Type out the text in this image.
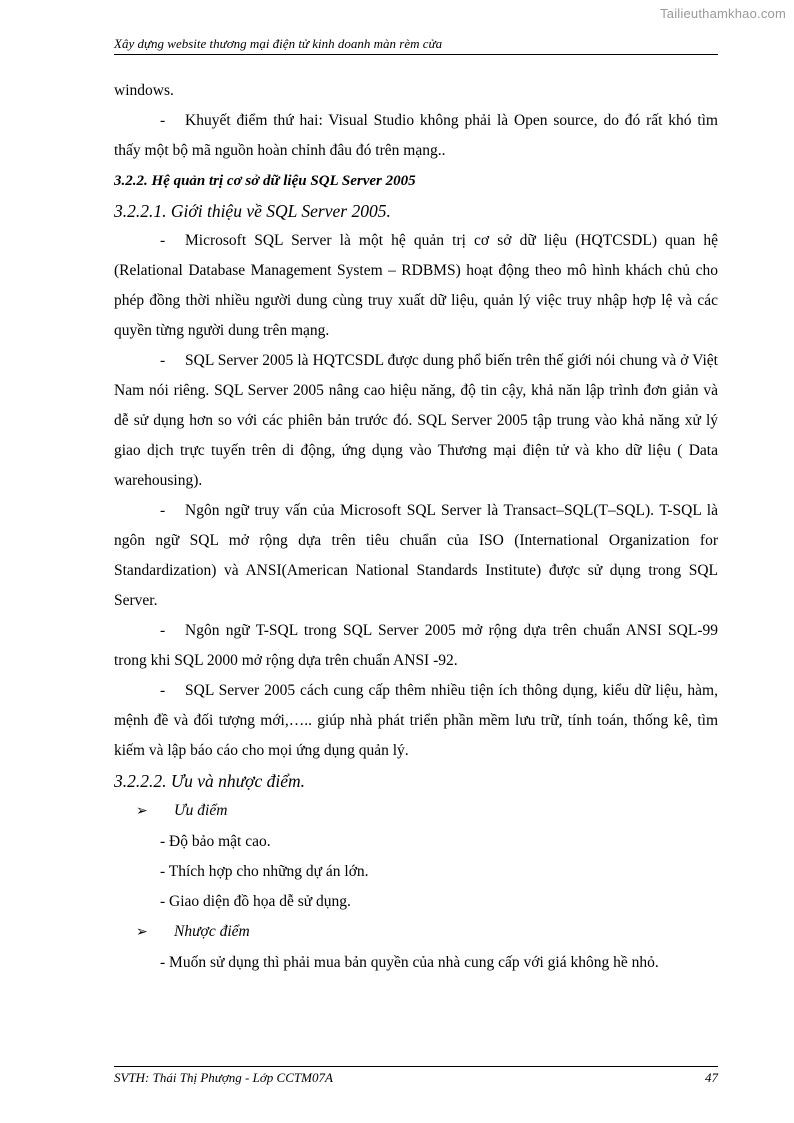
Tailieuthamkhao.com
Xây dựng website thương mại điện tử kinh doanh màn rèm cửa

windows.

- Khuyết điểm thứ hai: Visual Studio không phải là Open source, do đó rất khó tìm thấy một bộ mã nguồn hoàn chỉnh đâu đó trên mạng..

3.2.2. Hệ quản trị cơ sở dữ liệu SQL Server 2005

3.2.2.1. Giới thiệu về SQL Server 2005.

- Microsoft SQL Server là một hệ quản trị cơ sở dữ liệu (HQTCSDL) quan hệ (Relational Database Management System – RDBMS) hoạt động theo mô hình khách chủ cho phép đồng thời nhiều người dung cùng truy xuất dữ liệu, quản lý việc truy nhập hợp lệ và các quyền từng người dung trên mạng.

- SQL Server 2005 là HQTCSDL được dung phổ biến trên thế giới nói chung và ở Việt Nam nói riêng. SQL Server 2005 nâng cao hiệu năng, độ tin cậy, khả năn lập trình đơn giản và dễ sử dụng hơn so với các phiên bản trước đó. SQL Server 2005 tập trung vào khả năng xử lý giao dịch trực tuyến trên di động, ứng dụng vào Thương mại điện tử và kho dữ liệu ( Data warehousing).

- Ngôn ngữ truy vấn của Microsoft SQL Server là Transact–SQL(T–SQL). T-SQL là ngôn ngữ SQL mở rộng dựa trên tiêu chuẩn của ISO (International Organization for Standardization) và ANSI(American National Standards Institute) được sử dụng trong SQL Server.

- Ngôn ngữ T-SQL trong SQL Server 2005 mở rộng dựa trên chuẩn ANSI SQL-99 trong khi SQL 2000 mở rộng dựa trên chuẩn ANSI -92.

- SQL Server 2005 cách cung cấp thêm nhiều tiện ích thông dụng, kiểu dữ liệu, hàm, mệnh đề và đối tượng mới,….. giúp nhà phát triển phần mềm lưu trữ, tính toán, thống kê, tìm kiếm và lập báo cáo cho mọi ứng dụng quản lý.

3.2.2.2. Ưu và nhược điểm.

➢ Ưu điểm

- Độ bảo mật cao.

- Thích hợp cho những dự án lớn.

- Giao diện đồ họa dễ sử dụng.

➢ Nhược điểm

- Muốn sử dụng thì phải mua bản quyền của nhà cung cấp với giá không hề nhỏ.

SVTH: Thái Thị Phượng - Lớp CCTM07A	47
